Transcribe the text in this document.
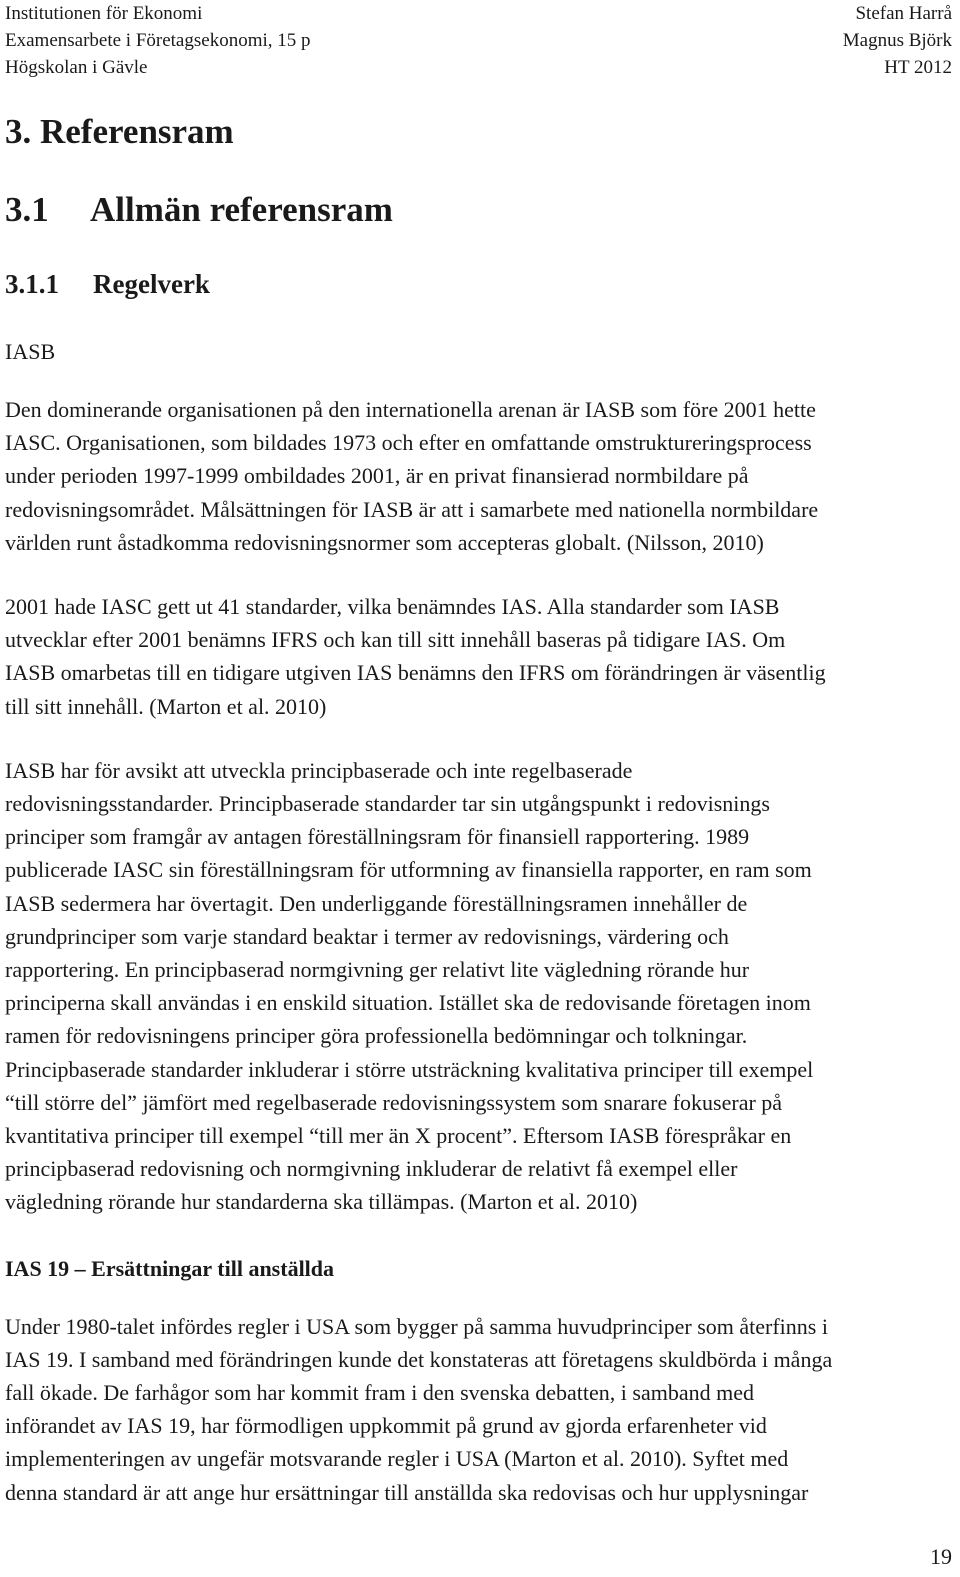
Institutionen för Ekonomi	Stefan Harrå
Examensarbete i Företagsekonomi, 15 p	Magnus Björk
Högskolan i Gävle	HT 2012
3. Referensram
3.1	Allmän referensram
3.1.1	Regelverk
IASB
Den dominerande organisationen på den internationella arenan är IASB som före 2001 hette
IASC. Organisationen, som bildades 1973 och efter en omfattande omstruktureringsprocess
under perioden 1997-1999 ombildades 2001, är en privat finansierad normbildare på
redovisningsområdet. Målsättningen för IASB är att i samarbete med nationella normbildare
världen runt åstadkomma redovisningsnormer som accepteras globalt. (Nilsson, 2010)
2001 hade IASC gett ut 41 standarder, vilka benämndes IAS. Alla standarder som IASB
utvecklar efter 2001 benämns IFRS och kan till sitt innehåll baseras på tidigare IAS. Om
IASB omarbetas till en tidigare utgiven IAS benämns den IFRS om förändringen är väsentlig
till sitt innehåll. (Marton et al. 2010)
IASB har för avsikt att utveckla principbaserade och inte regelbaserade
redovisningsstandarder. Principbaserade standarder tar sin utgångspunkt i redovisnings
principer som framgår av antagen föreställningsram för finansiell rapportering. 1989
publicerade IASC sin föreställningsram för utformning av finansiella rapporter, en ram som
IASB sedermera har övertagit. Den underliggande föreställningsramen innehåller de
grundprinciper som varje standard beaktar i termer av redovisnings, värdering och
rapportering. En principbaserad normgivning ger relativt lite vägledning rörande hur
principerna skall användas i en enskild situation. Istället ska de redovisande företagen inom
ramen för redovisningens principer göra professionella bedömningar och tolkningar.
Principbaserade standarder inkluderar i större utsträckning kvalitativa principer till exempel
“till större del” jämfört med regelbaserade redovisningssystem som snarare fokuserar på
kvantitativa principer till exempel “till mer än X procent”. Eftersom IASB förespråkar en
principbaserad redovisning och normgivning inkluderar de relativt få exempel eller
vägledning rörande hur standarderna ska tillämpas. (Marton et al. 2010)
IAS 19 – Ersättningar till anställda
Under 1980-talet infördes regler i USA som bygger på samma huvudprinciper som återfinns i
IAS 19. I samband med förändringen kunde det konstateras att företagens skuldbörda i många
fall ökade. De farhågor som har kommit fram i den svenska debatten, i samband med
införandet av IAS 19, har förmodligen uppkommit på grund av gjorda erfarenheter vid
implementeringen av ungefär motsvarande regler i USA (Marton et al. 2010). Syftet med
denna standard är att ange hur ersättningar till anställda ska redovisas och hur upplysningar
19
